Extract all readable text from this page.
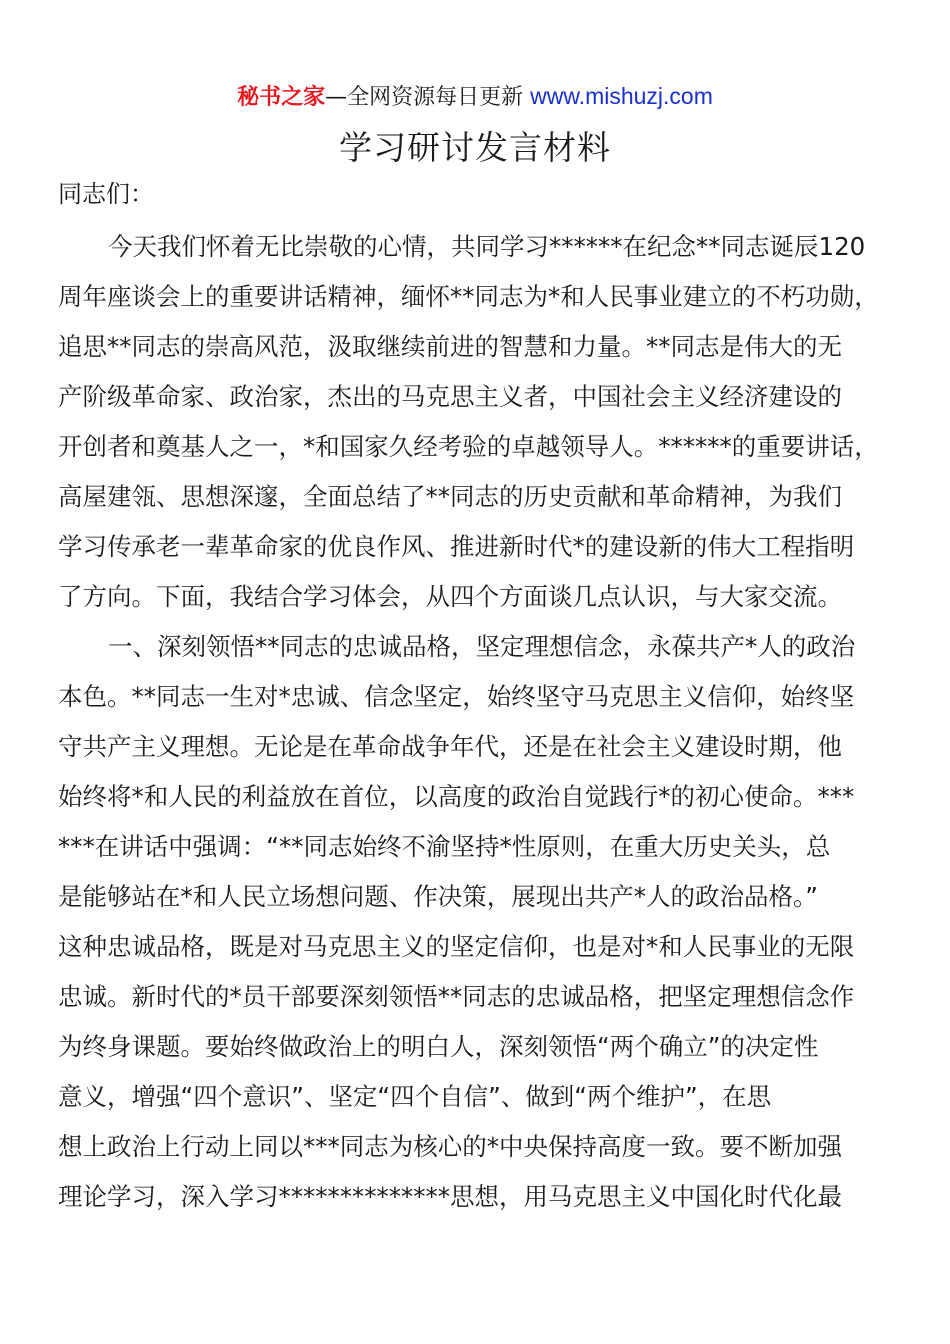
秘书之家—全网资源每日更新 www.mishuzj.com
学习研讨发言材料
同志们：
今天我们怀着无比崇敬的心情，共同学习******在纪念**同志诞辰120
周年座谈会上的重要讲话精神，缅怀**同志为*和人民事业建立的不朽功勋，
追思**同志的崇高风范，汲取继续前进的智慧和力量。**同志是伟大的无
产阶级革命家、政治家，杰出的马克思主义者，中国社会主义经济建设的
开创者和奠基人之一，*和国家久经考验的卓越领导人。******的重要讲话，
高屋建瓴、思想深邃，全面总结了**同志的历史贡献和革命精神，为我们
学习传承老一辈革命家的优良作风、推进新时代*的建设新的伟大工程指明
了方向。下面，我结合学习体会，从四个方面谈几点认识，与大家交流。
一、深刻领悟**同志的忠诚品格，坚定理想信念，永葆共产*人的政治
本色。**同志一生对*忠诚、信念坚定，始终坚守马克思主义信仰，始终坚
守共产主义理想。无论是在革命战争年代，还是在社会主义建设时期，他
始终将*和人民的利益放在首位，以高度的政治自觉践行*的初心使命。***
***在讲话中强调：“**同志始终不渝坚持*性原则，在重大历史关头，总
是能够站在*和人民立场想问题、作决策，展现出共产*人的政治品格。”
这种忠诚品格，既是对马克思主义的坚定信仰，也是对*和人民事业的无限
忠诚。新时代的*员干部要深刻领悟**同志的忠诚品格，把坚定理想信念作
为终身课题。要始终做政治上的明白人，深刻领悟“两个确立”的决定性
意义，增强“四个意识”、坚定“四个自信”、做到“两个维护”，在思
想上政治上行动上同以***同志为核心的*中央保持高度一致。要不断加强
理论学习，深入学习**************思想，用马克思主义中国化时代化最
